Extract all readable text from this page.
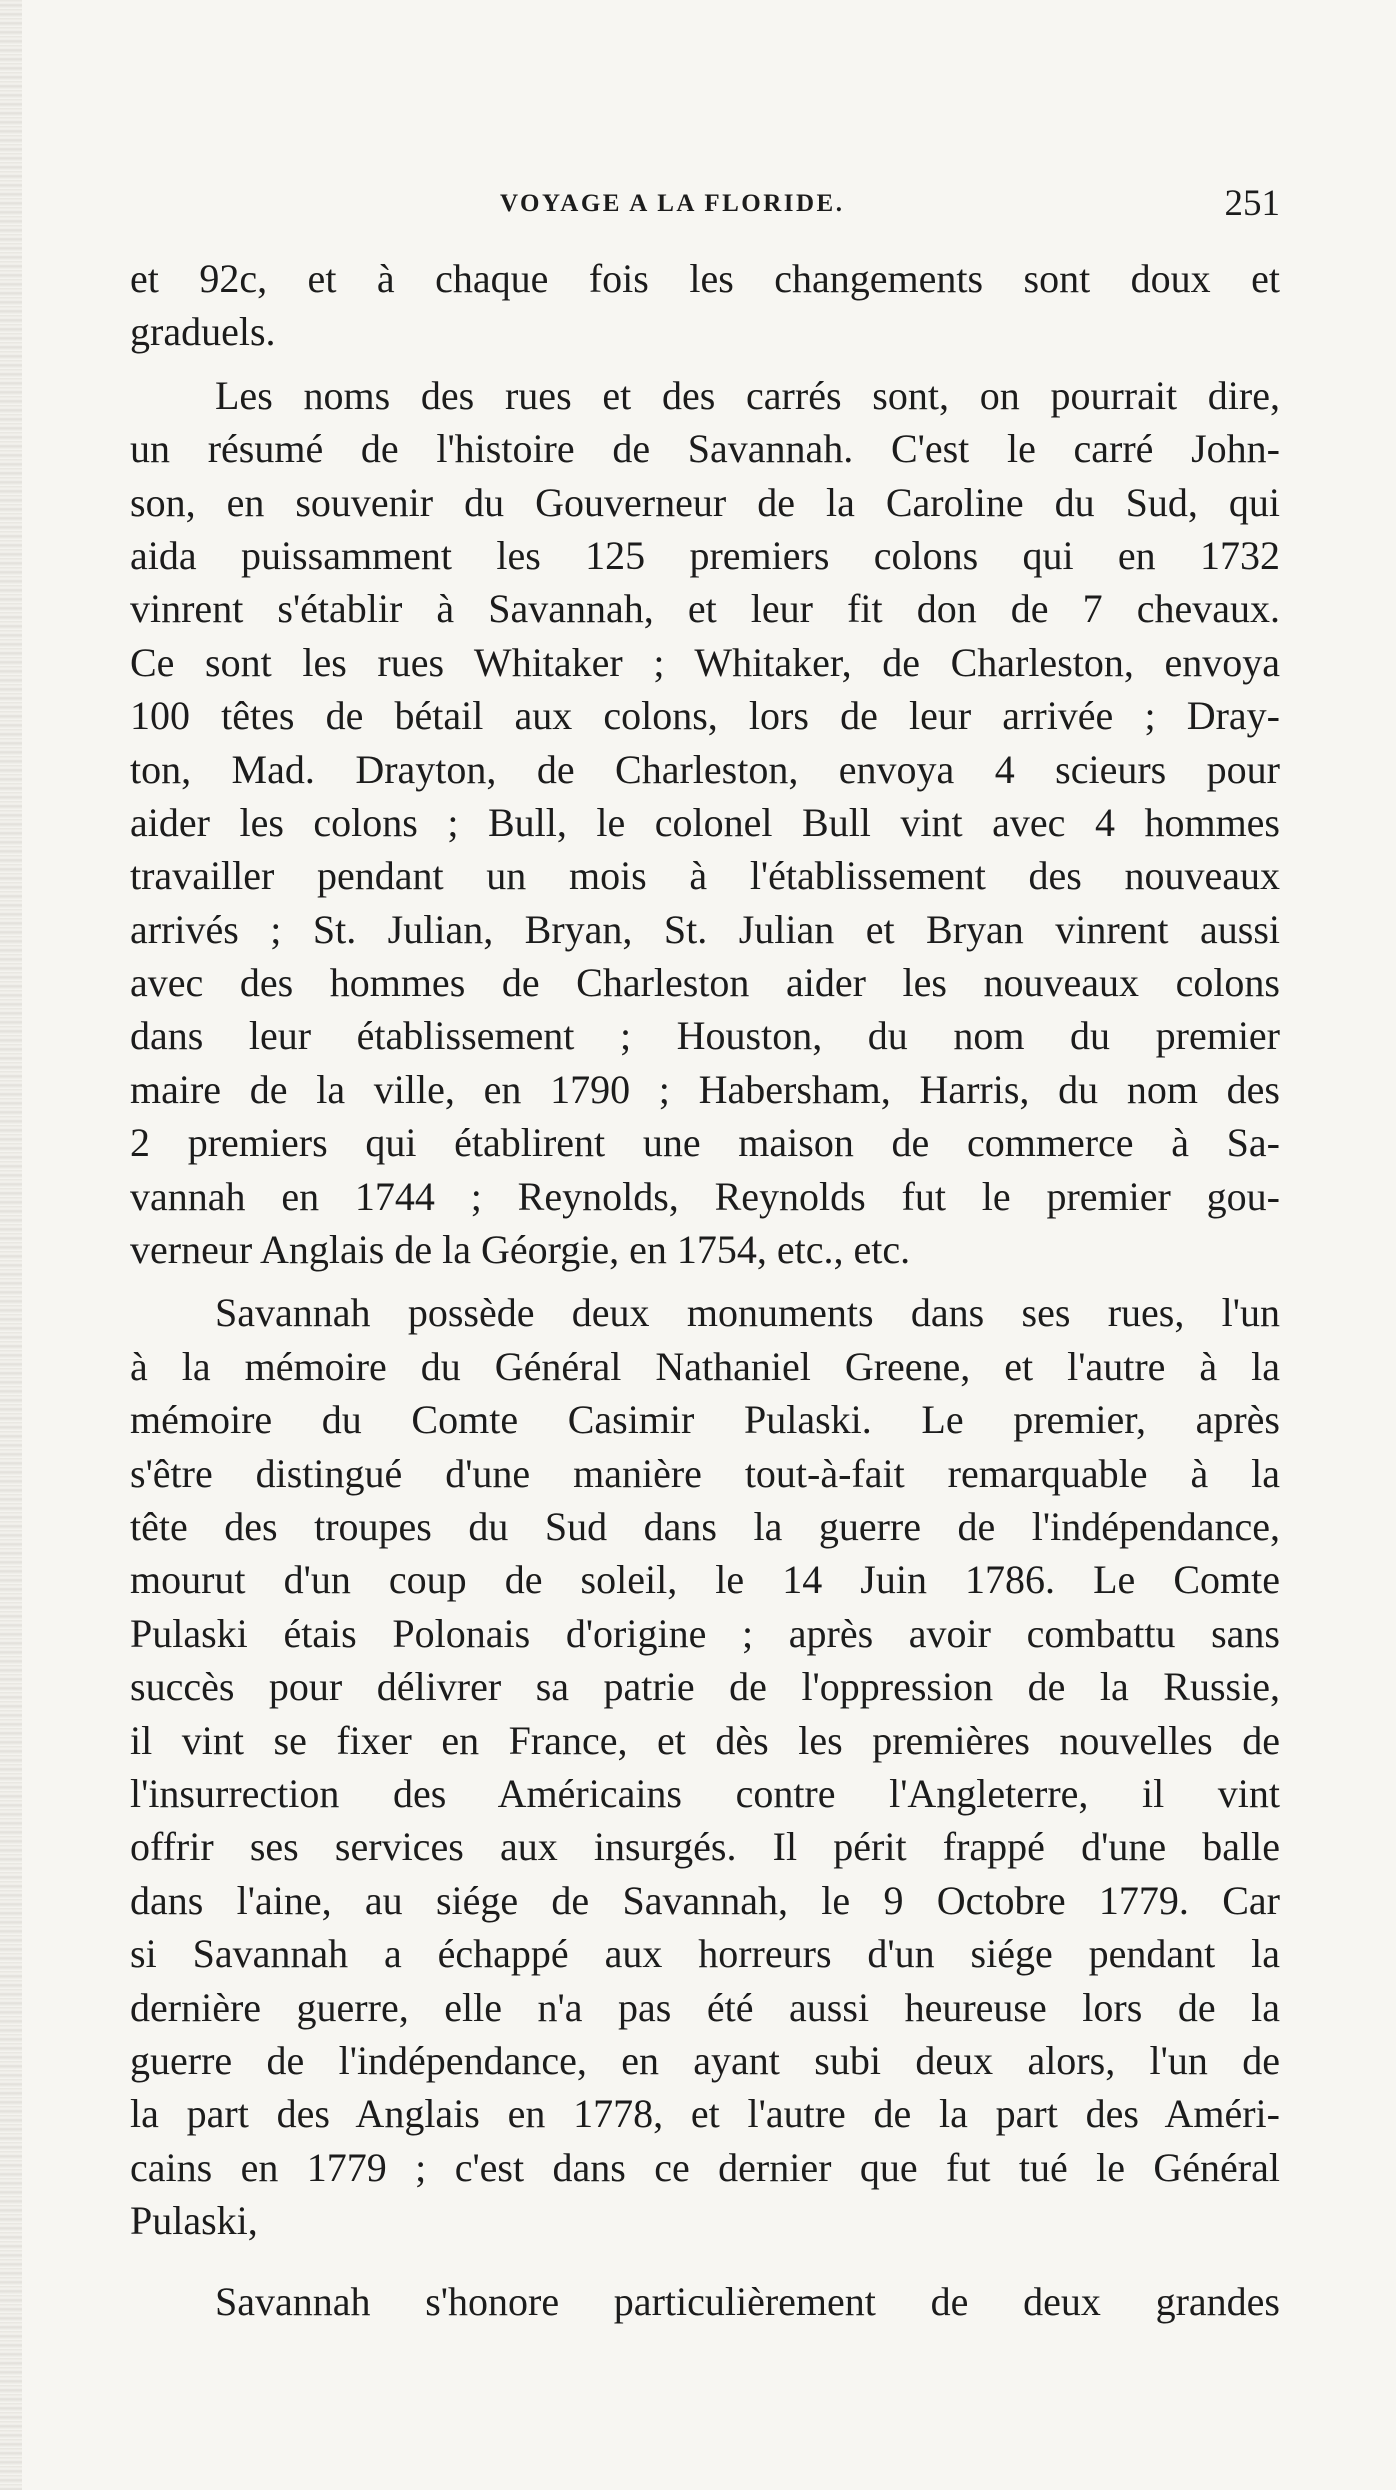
VOYAGE A LA FLORIDE.	251
et 92c, et à chaque fois les changements sont doux et
graduels.
Les noms des rues et des carrés sont, on pourrait dire,
un résumé de l'histoire de Savannah. C'est le carré John-
son, en souvenir du Gouverneur de la Caroline du Sud, qui
aida puissamment les 125 premiers colons qui en 1732
vinrent s'établir à Savannah, et leur fit don de 7 chevaux.
Ce sont les rues Whitaker ; Whitaker, de Charleston, envoya
100 têtes de bétail aux colons, lors de leur arrivée ; Dray-
ton, Mad. Drayton, de Charleston, envoya 4 scieurs pour
aider les colons ; Bull, le colonel Bull vint avec 4 hommes
travailler pendant un mois à l'établissement des nouveaux
arrivés ; St. Julian, Bryan, St. Julian et Bryan vinrent aussi
avec des hommes de Charleston aider les nouveaux colons
dans leur établissement ; Houston, du nom du premier
maire de la ville, en 1790 ; Habersham, Harris, du nom des
2 premiers qui établirent une maison de commerce à Sa-
vannah en 1744 ; Reynolds, Reynolds fut le premier gou-
verneur Anglais de la Géorgie, en 1754, etc., etc.
Savannah possède deux monuments dans ses rues, l'un
à la mémoire du Général Nathaniel Greene, et l'autre à la
mémoire du Comte Casimir Pulaski. Le premier, après
s'être distingué d'une manière tout-à-fait remarquable à la
tête des troupes du Sud dans la guerre de l'indépendance,
mourut d'un coup de soleil, le 14 Juin 1786. Le Comte
Pulaski étais Polonais d'origine ; après avoir combattu sans
succès pour délivrer sa patrie de l'oppression de la Russie,
il vint se fixer en France, et dès les premières nouvelles de
l'insurrection des Américains contre l'Angleterre, il vint
offrir ses services aux insurgés. Il périt frappé d'une balle
dans l'aine, au siége de Savannah, le 9 Octobre 1779. Car
si Savannah a échappé aux horreurs d'un siége pendant la
dernière guerre, elle n'a pas été aussi heureuse lors de la
guerre de l'indépendance, en ayant subi deux alors, l'un de
la part des Anglais en 1778, et l'autre de la part des Améri-
cains en 1779 ; c'est dans ce dernier que fut tué le Général
Pulaski,
Savannah s'honore particulièrement de deux grandes
